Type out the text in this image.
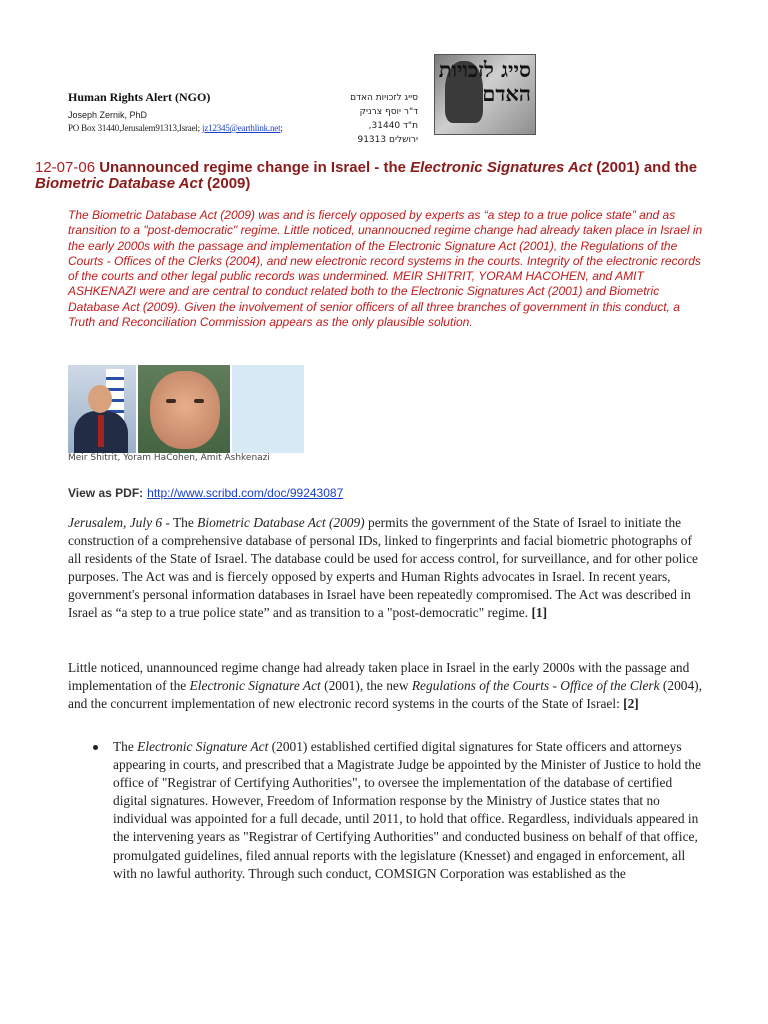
Human Rights Alert (NGO)
Joseph Zernik, PhD
PO Box 31440,Jerusalem91313,Israel; jz12345@earthlink.net;
סייג לזכויות האדם
ד"ר יוסף צרניק
ת"ד 31440, ירושלים 91313
סייג לזכויות האדם
12-07-06 Unannounced regime change in Israel - the Electronic Signatures Act (2001) and the Biometric Database Act (2009)
The Biometric Database Act (2009) was and is fiercely opposed by experts as “a step to a true police state” and as transition to a "post-democratic" regime. Little noticed, unannoucned regime change had already taken place in Israel in the early 2000s with the passage and implementation of the Electronic Signature Act (2001), the Regulations of the Courts - Offices of the Clerks (2004), and new electronic record systems in the courts. Integrity of the electronic records of the courts and other legal public records was undermined. MEIR SHITRIT, YORAM HACOHEN, and AMIT ASHKENAZI were and are central to conduct related both to the Electronic Signatures Act (2001) and Biometric Database Act (2009). Given the involvement of senior officers of all three branches of government in this conduct, a Truth and Reconciliation Commission appears as the only plausible solution.
Meir Shitrit, Yoram HaCohen, Amit Ashkenazi
View as PDF: http://www.scribd.com/doc/99243087

Jerusalem, July 6 - The Biometric Database Act (2009) permits the government of the State of Israel to initiate the construction of a comprehensive database of personal IDs, linked to fingerprints and facial biometric photographs of all residents of the State of Israel. The database could be used for access control, for surveillance, and for other police purposes. The Act was and is fiercely opposed by experts and Human Rights advocates in Israel. In recent years, government's personal information databases in Israel have been repeatedly compromised. The Act was described in Israel as “a step to a true police state” and as transition to a "post-democratic" regime. [1]

Little noticed, unannounced regime change had already taken place in Israel in the early 2000s with the passage and implementation of the Electronic Signature Act (2001), the new Regulations of the Courts - Office of the Clerk (2004), and the concurrent implementation of new electronic record systems in the courts of the State of Israel: [2]

The Electronic Signature Act (2001) established certified digital signatures for State officers and attorneys appearing in courts, and prescribed that a Magistrate Judge be appointed by the Minister of Justice to hold the office of "Registrar of Certifying Authorities", to oversee the implementation of the database of certified digital signatures. However, Freedom of Information response by the Ministry of Justice states that no individual was appointed for a full decade, until 2011, to hold that office. Regardless, individuals appeared in the intervening years as "Registrar of Certifying Authorities" and conducted business on behalf of that office, promulgated guidelines, filed annual reports with the legislature (Knesset) and engaged in enforcement, all with no lawful authority. Through such conduct, COMSIGN Corporation was established as the
